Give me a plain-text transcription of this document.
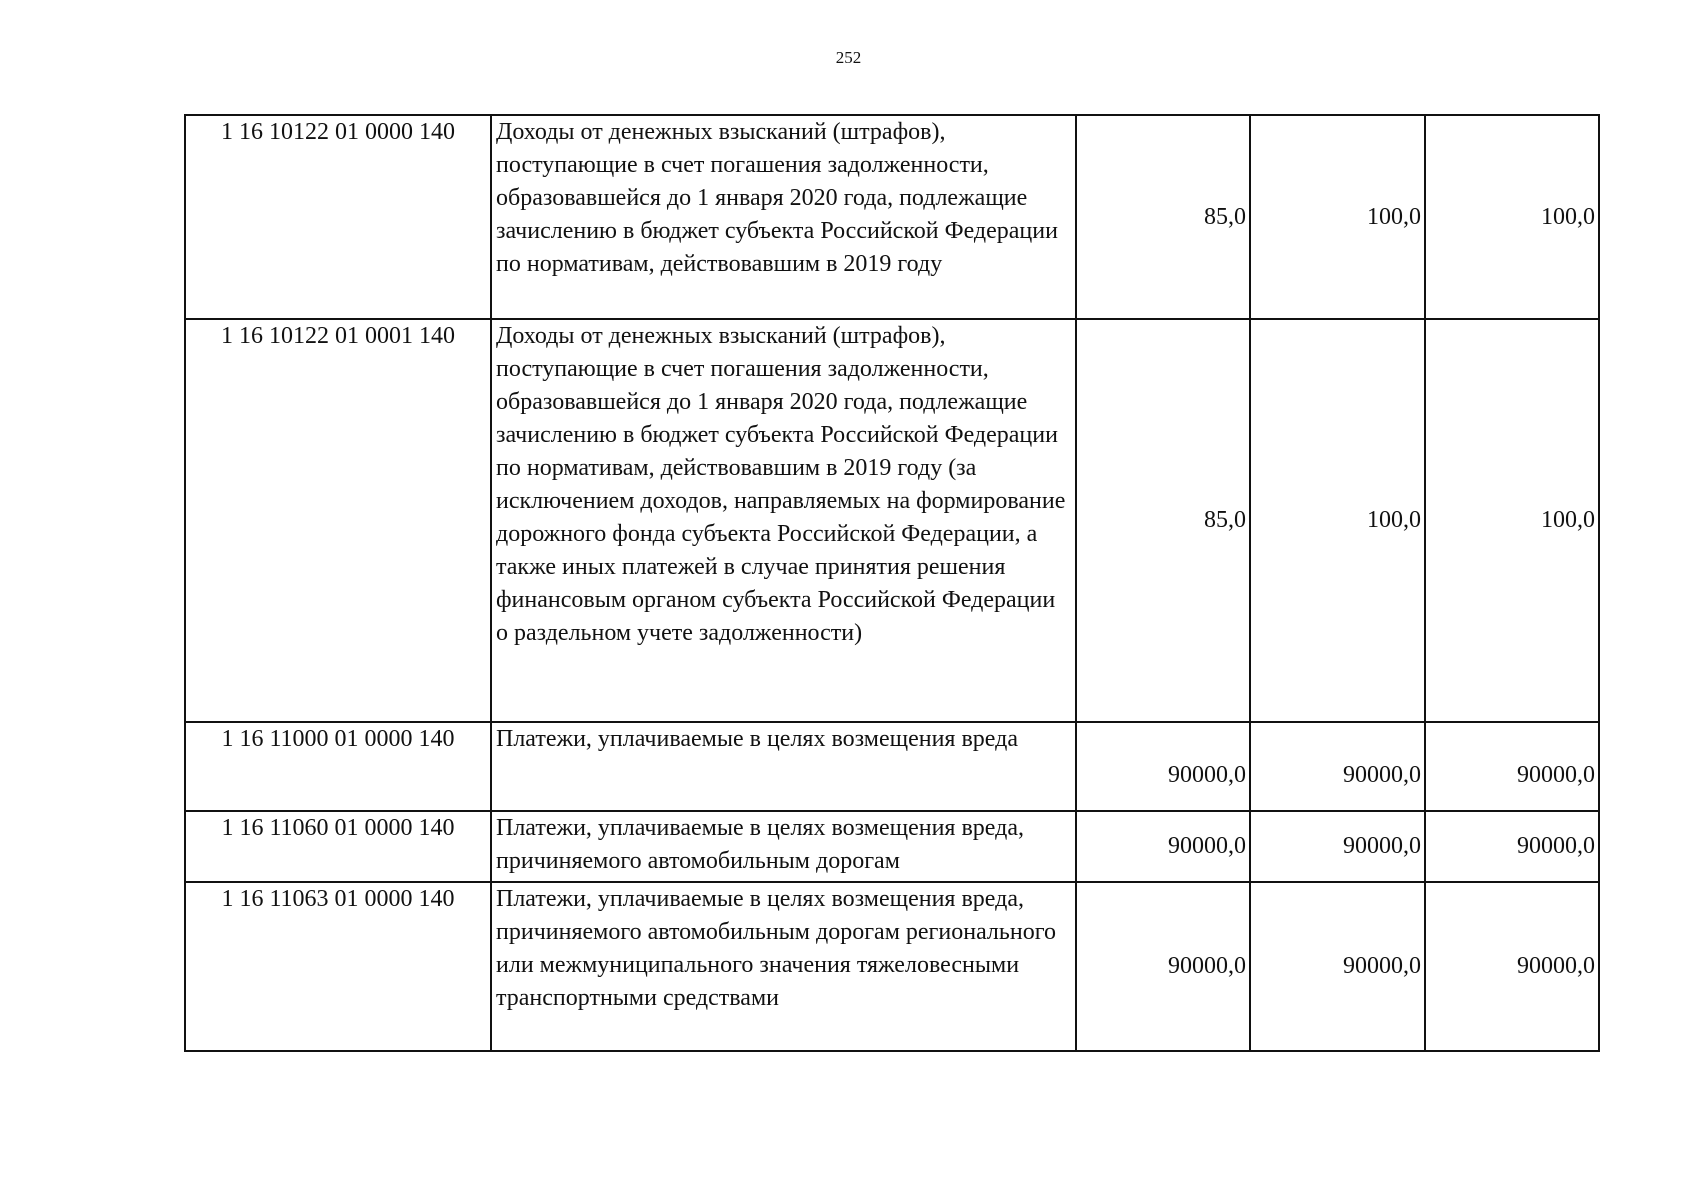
252
1 16 10122 01 0000 140	Доходы от денежных взысканий (штрафов), поступающие в счет погашения задолженности, образовавшейся до 1 января 2020 года, подлежащие зачислению в бюджет субъекта Российской Федерации по нормативам, действовавшим в 2019 году	85,0	100,0	100,0
1 16 10122 01 0001 140	Доходы от денежных взысканий (штрафов), поступающие в счет погашения задолженности, образовавшейся до 1 января 2020 года, подлежащие зачислению в бюджет субъекта Российской Федерации по нормативам, действовавшим в 2019 году (за исключением доходов, направляемых на формирование дорожного фонда субъекта Российской Федерации, а также иных платежей в случае принятия решения финансовым органом субъекта Российской Федерации о раздельном учете задолженности)	85,0	100,0	100,0
1 16 11000 01 0000 140	Платежи, уплачиваемые в целях возмещения вреда	90000,0	90000,0	90000,0
1 16 11060 01 0000 140	Платежи, уплачиваемые в целях возмещения вреда, причиняемого автомобильным дорогам	90000,0	90000,0	90000,0
1 16 11063 01 0000 140	Платежи, уплачиваемые в целях возмещения вреда, причиняемого автомобильным дорогам регионального или межмуниципального значения тяжеловесными транспортными средствами	90000,0	90000,0	90000,0
